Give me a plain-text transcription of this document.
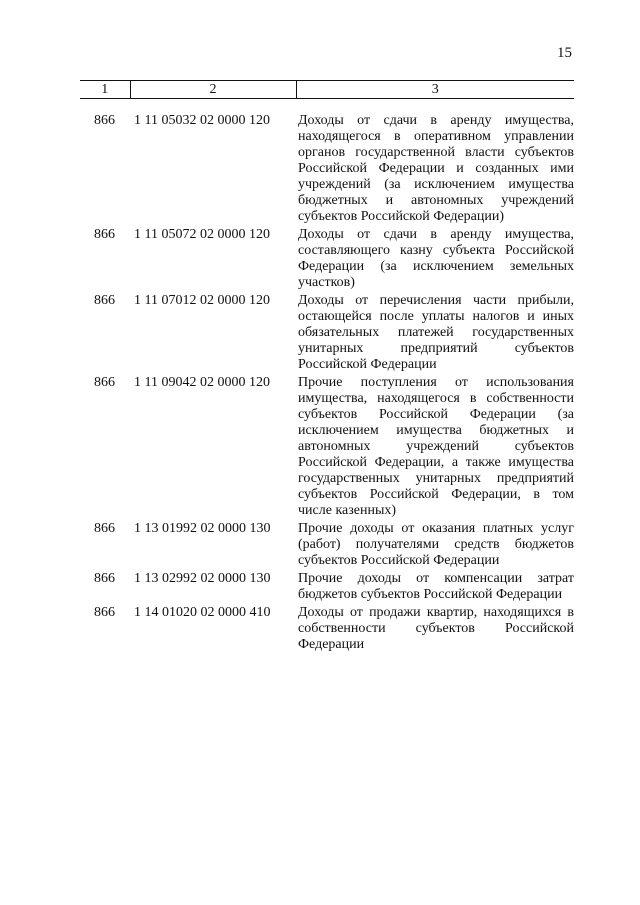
15
1	2	3
866	1 11 05032 02 0000 120	Доходы от сдачи в аренду имущества, находящегося в оперативном управлении органов государственной власти субъектов Российской Федерации и созданных ими учреждений (за исключением имущества бюджетных и автономных учреждений субъектов Российской Федерации)
866	1 11 05072 02 0000 120	Доходы от сдачи в аренду имущества, составляющего казну субъекта Российской Федерации (за исключением земельных участков)
866	1 11 07012 02 0000 120	Доходы от перечисления части прибыли, остающейся после уплаты налогов и иных обязательных платежей государственных унитарных предприятий субъектов Российской Федерации
866	1 11 09042 02 0000 120	Прочие поступления от использования имущества, находящегося в собственности субъектов Российской Федерации (за исключением имущества бюджетных и автономных учреждений субъектов Российской Федерации, а также имущества государственных унитарных предприятий субъектов Российской Федерации, в том числе казенных)
866	1 13 01992 02 0000 130	Прочие доходы от оказания платных услуг (работ) получателями средств бюджетов субъектов Российской Федерации
866	1 13 02992 02 0000 130	Прочие доходы от компенсации затрат бюджетов субъектов Российской Федерации
866	1 14 01020 02 0000 410	Доходы от продажи квартир, находящихся в собственности субъектов Российской Федерации
